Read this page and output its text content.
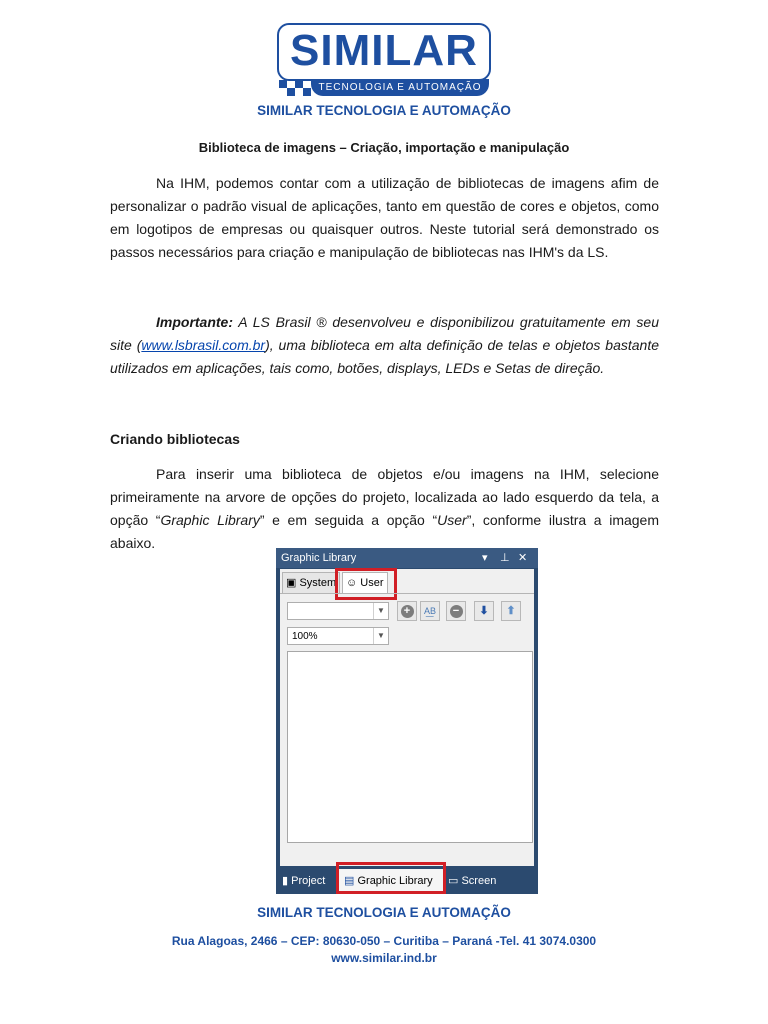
SIMILAR
TECNOLOGIA E AUTOMAÇÃO
SIMILAR TECNOLOGIA E AUTOMAÇÃO
Biblioteca de imagens – Criação, importação e manipulação
Na IHM, podemos contar com a utilização de bibliotecas de imagens afim de personalizar o padrão visual de aplicações, tanto em questão de cores e objetos, como em logotipos de empresas ou quaisquer outros. Neste tutorial será demonstrado os passos necessários para criação e manipulação de bibliotecas nas IHM's da LS.
Importante: A LS Brasil ® desenvolveu e disponibilizou gratuitamente em seu site (www.lsbrasil.com.br), uma biblioteca em alta definição de telas e objetos bastante utilizados em aplicações, tais como, botões, displays, LEDs e Setas de direção.
Criando bibliotecas
Para inserir uma biblioteca de objetos e/ou imagens na IHM, selecione primeiramente na arvore de opções do projeto, localizada ao lado esquerdo da tela, a opção “Graphic Library” e em seguida a opção “User”, conforme ilustra a imagem abaixo.
Graphic Library	▾ ⊥ ✕
▣ System ☺ User
▼	+	A͟B	−	⬇	⬆
100%	▼
▮ Project	▤ Graphic Library	▭ Screen
SIMILAR TECNOLOGIA E AUTOMAÇÃO
Rua Alagoas, 2466 – CEP: 80630-050 – Curitiba – Paraná -Tel. 41 3074.0300
www.similar.ind.br
